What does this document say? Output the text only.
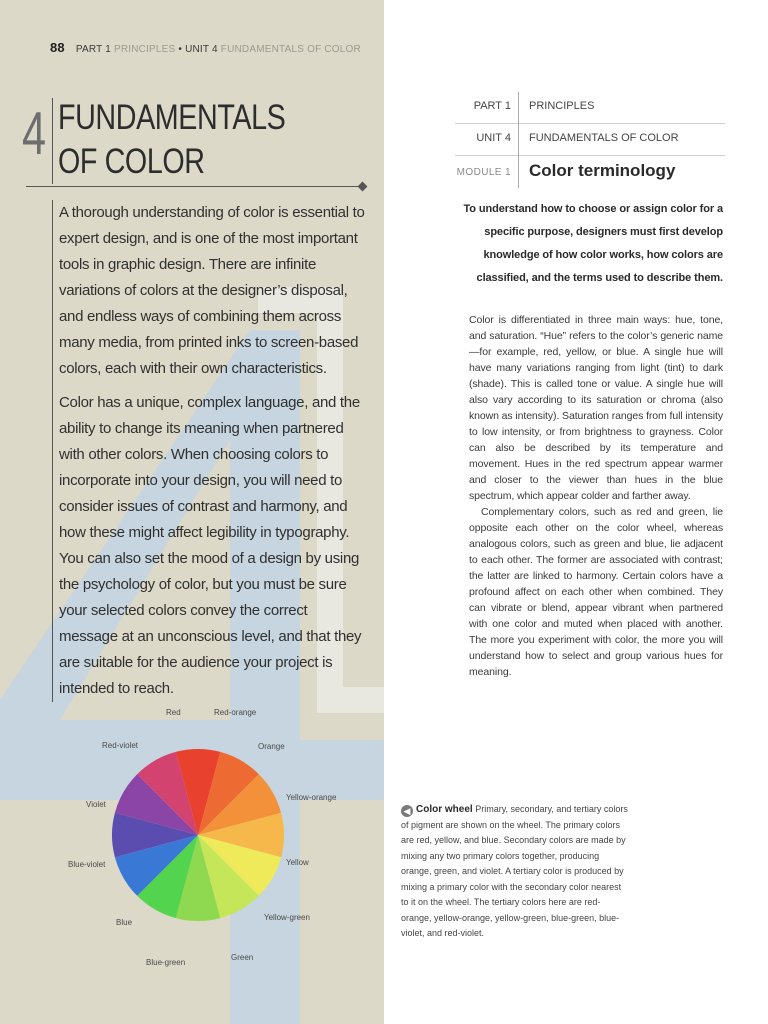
88 PART 1 PRINCIPLES • UNIT 4 FUNDAMENTALS OF COLOR
4 FUNDAMENTALS
OF COLOR

A thorough understanding of color is essential to expert design, and is one of the most important tools in graphic design. There are infinite variations of colors at the designer’s disposal, and endless ways of combining them across many media, from printed inks to screen-based colors, each with their own characteristics.

Color has a unique, complex language, and the ability to change its meaning when partnered with other colors. When choosing colors to incorporate into your design, you will need to consider issues of contrast and harmony, and how these might affect legibility in typography. You can also set the mood of a design by using the psychology of color, but you must be sure your selected colors convey the correct message at an unconscious level, and that they are suitable for the audience your project is intended to reach.

Red	Red-orange
Orange
Yellow-orange
Yellow
Yellow-green
Green
Blue-green
Blue
Blue-violet
Violet
Red-violet
PART 1 PRINCIPLES
UNIT 4 FUNDAMENTALS OF COLOR
MODULE 1 Color terminology
To understand how to choose or assign color for a specific purpose, designers must first develop knowledge of how color works, how colors are classified, and the terms used to describe them.

Color is differentiated in three main ways: hue, tone, and saturation. “Hue” refers to the color’s generic name—for example, red, yellow, or blue. A single hue will have many variations ranging from light (tint) to dark (shade). This is called tone or value. A single hue will also vary according to its saturation or chroma (also known as intensity). Saturation ranges from full intensity to low intensity, or from brightness to grayness. Color can also be described by its temperature and movement. Hues in the red spectrum appear warmer and closer to the viewer than hues in the blue spectrum, which appear colder and farther away.

Complementary colors, such as red and green, lie opposite each other on the color wheel, whereas analogous colors, such as green and blue, lie adjacent to each other. The former are associated with contrast; the latter are linked to harmony. Certain colors have a profound affect on each other when combined. They can vibrate or blend, appear vibrant when partnered with one color and muted when placed with another. The more you experiment with color, the more you will understand how to select and group various hues for meaning.

◀ Color wheel Primary, secondary, and tertiary colors of pigment are shown on the wheel. The primary colors are red, yellow, and blue. Secondary colors are made by mixing any two primary colors together, producing orange, green, and violet. A tertiary color is produced by mixing a primary color with the secondary color nearest to it on the wheel. The tertiary colors here are red-orange, yellow-orange, yellow-green, blue-green, blue-violet, and red-violet.
